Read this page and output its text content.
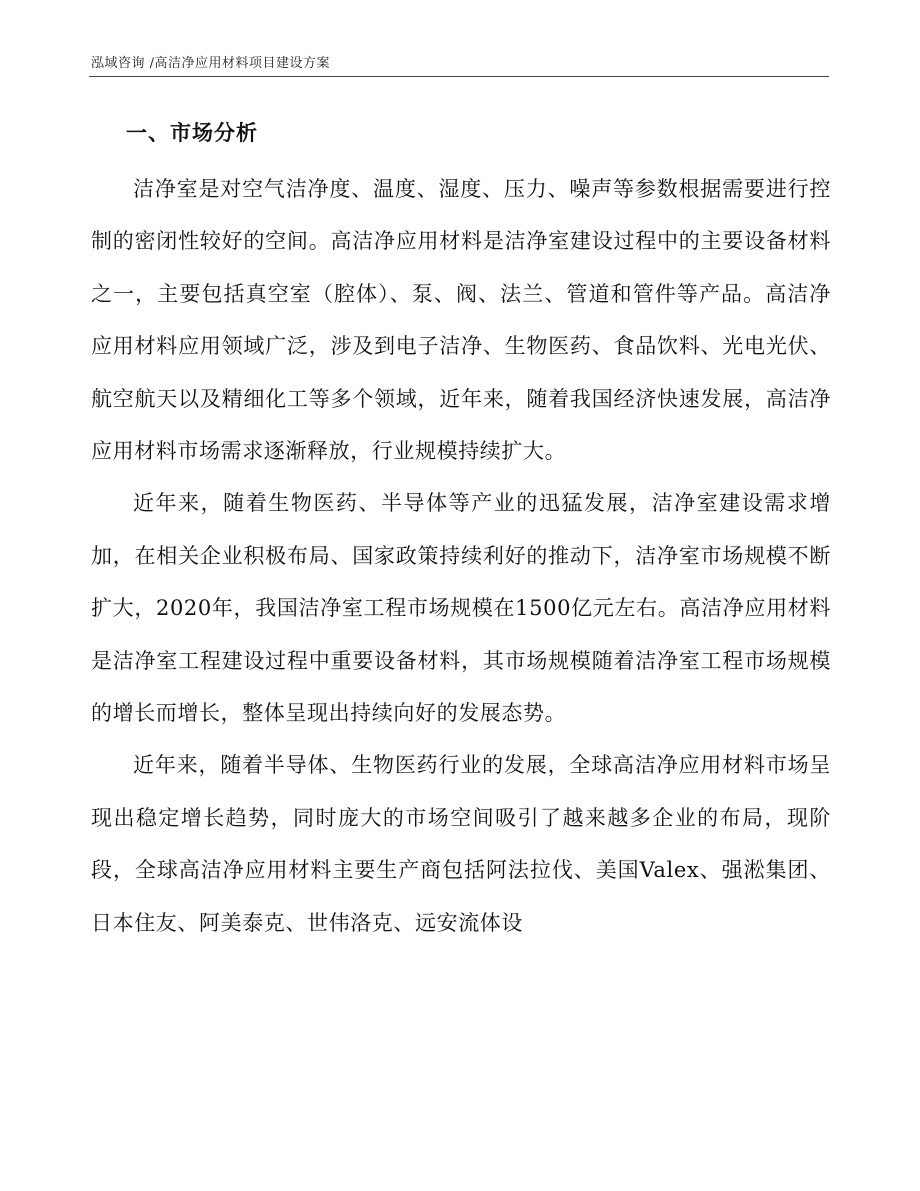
泓域咨询 /高洁净应用材料项目建设方案
一、市场分析

洁净室是对空气洁净度、温度、湿度、压力、噪声等参数根据需要进行控制的密闭性较好的空间。高洁净应用材料是洁净室建设过程中的主要设备材料之一，主要包括真空室（腔体）、泵、阀、法兰、管道和管件等产品。高洁净应用材料应用领域广泛，涉及到电子洁净、生物医药、食品饮料、光电光伏、航空航天以及精细化工等多个领域，近年来，随着我国经济快速发展，高洁净应用材料市场需求逐渐释放，行业规模持续扩大。

近年来，随着生物医药、半导体等产业的迅猛发展，洁净室建设需求增加，在相关企业积极布局、国家政策持续利好的推动下，洁净室市场规模不断扩大，2020年，我国洁净室工程市场规模在1500亿元左右。高洁净应用材料是洁净室工程建设过程中重要设备材料，其市场规模随着洁净室工程市场规模的增长而增长，整体呈现出持续向好的发展态势。

近年来，随着半导体、生物医药行业的发展，全球高洁净应用材料市场呈现出稳定增长趋势，同时庞大的市场空间吸引了越来越多企业的布局，现阶段，全球高洁净应用材料主要生产商包括阿法拉伐、美国Valex、强淞集团、日本住友、阿美泰克、世伟洛克、远安流体设
